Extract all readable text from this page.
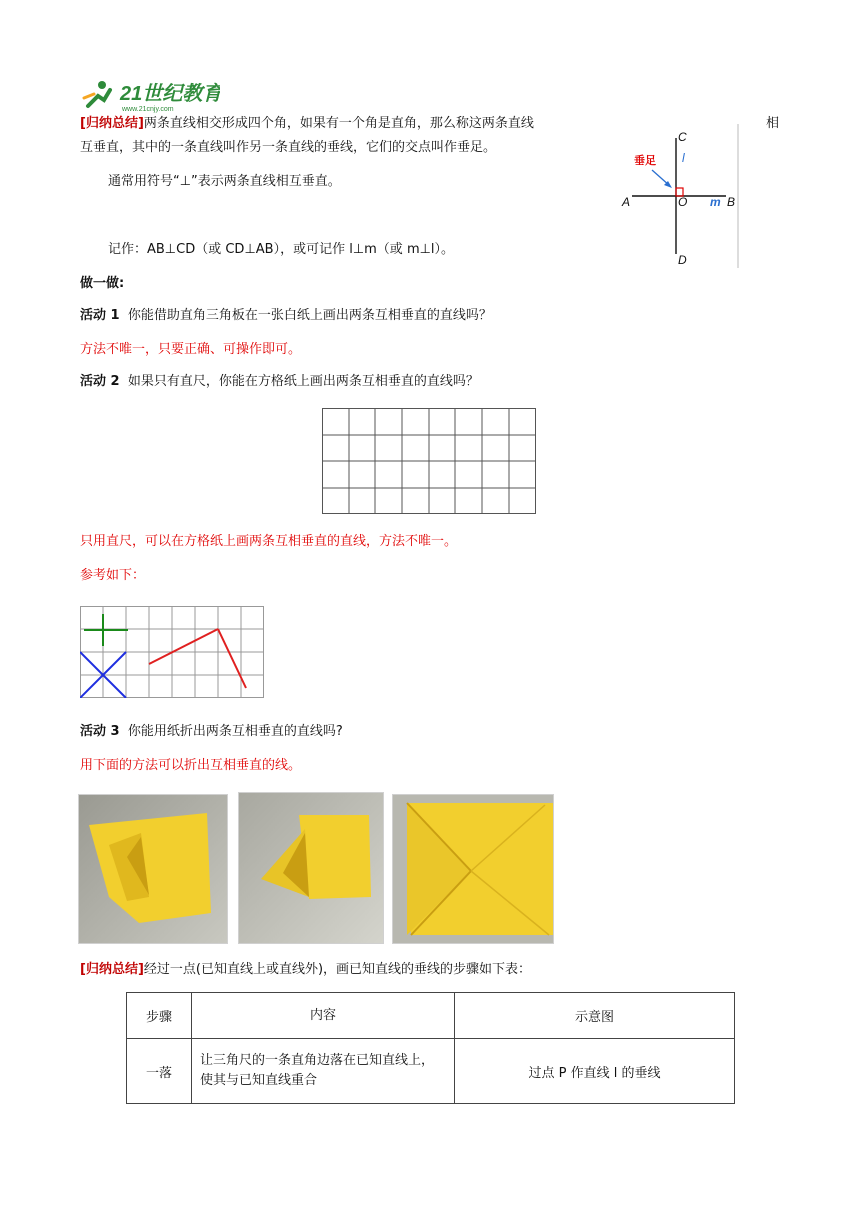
21世纪教育
www.21cnjy.com
[归纳总结]两条直线相交形成四个角，如果有一个角是直角，那么称这两条直线	相
互垂直，其中的一条直线叫作另一条直线的垂线，它们的交点叫作垂足。
通常用符号“⊥”表示两条直线相互垂直。
记作：AB⊥CD（或 CD⊥AB），或可记作 l⊥m（或 m⊥l）。
垂足
C
l
A	O m B
D
做一做:
活动 1 你能借助直角三角板在一张白纸上画出两条互相垂直的直线吗？
方法不唯一，只要正确、可操作即可。
活动 2 如果只有直尺，你能在方格纸上画出两条互相垂直的直线吗？
只用直尺，可以在方格纸上画两条互相垂直的直线，方法不唯一。
参考如下：
活动 3 你能用纸折出两条互相垂直的直线吗?
用下面的方法可以折出互相垂直的线。
[归纳总结]经过一点(已知直线上或直线外)，画已知直线的垂线的步骤如下表：
步骤	内容	示意图
一落	让三角尺的一条直角边落在已知直线上，使其与已知直线重合	过点 P 作直线 l 的垂线
